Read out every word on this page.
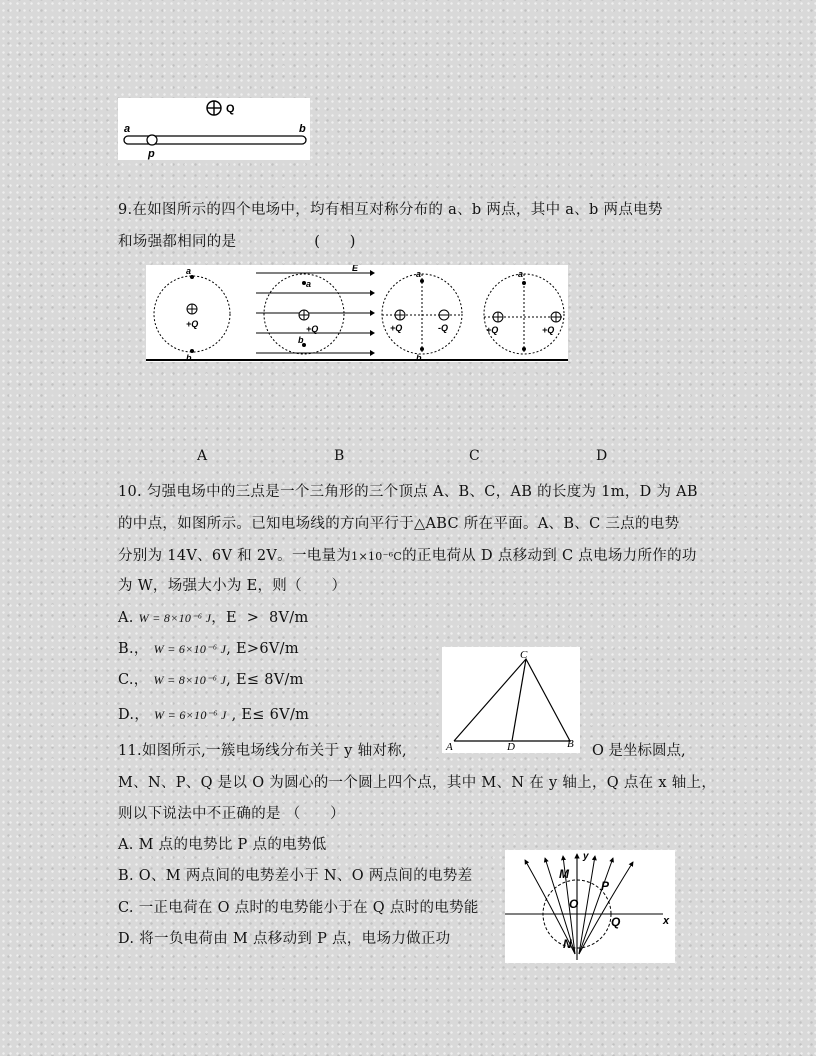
Q
a	b
p
9.在如图所示的四个电场中，均有相互对称分布的 a、b 两点，其中 a、b 两点电势
和场强都相同的是	(　　)
a
+Q
b
E
a
+Q
b
a
+Q	-Q
b
a
+Q	+Q
A	B	C	D
10. 匀强电场中的三点是一个三角形的三个顶点 A、B、C，AB 的长度为 1m，D 为 AB
的中点，如图所示。已知电场线的方向平行于△ABC 所在平面。A、B、C 三点的电势
分别为 14V、6V 和 2V。一电量为1×10⁻⁶C的正电荷从 D 点移动到 C 点电场力所作的功
为 W，场强大小为 E，则（　　）
A. W = 8×10⁻⁶ J，E  >  8V/m
B.， W = 6×10⁻⁶ J, E>6V/m
C.， W = 8×10⁻⁶ J, E≤ 8V/m
D.， W = 6×10⁻⁶ J , E≤ 6V/m
C
A	D	B
11.如图所示,一簇电场线分布关于 y 轴对称,	O 是坐标圆点,
M、N、P、Q 是以 O 为圆心的一个圆上四个点，其中 M、N 在 y 轴上，Q 点在 x 轴上，
则以下说法中不正确的是 （　　）
A. M 点的电势比 P 点的电势低
B. O、M 两点间的电势差小于 N、O 两点间的电势差
C. 一正电荷在 O 点时的电势能小于在 Q 点时的电势能
D. 将一负电荷由 M 点移动到 P 点，电场力做正功
y
x
M
P
O
Q
N
